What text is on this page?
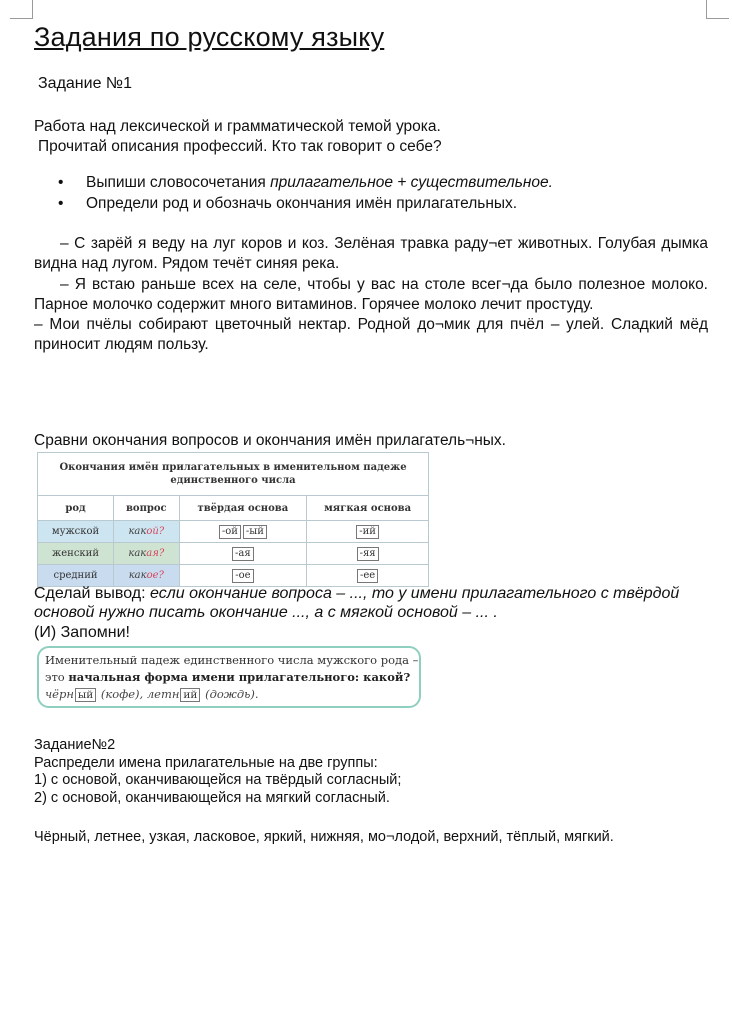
Задания по русскому языку
Задание №1
Работа над лексической и грамматической темой урока.
Прочитай описания профессий. Кто так говорит о себе?
• Выпиши словосочетания прилагательное + существительное.
• Определи род и обозначь окончания имён прилагательных.

– С зарёй я веду на луг коров и коз. Зелёная травка раду¬ет животных. Голубая дымка видна над лугом. Рядом течёт синяя река.

– Я встаю раньше всех на селе, чтобы у вас на столе всег¬да было полезное молоко. Парное молочко содержит много витаминов. Горячее молоко лечит простуду.

– Мои пчёлы собирают цветочный нектар. Родной до¬мик для пчёл – улей. Сладкий мёд приносит людям пользу.

Сравни окончания вопросов и окончания имён прилагатель¬ных.
Окончания имён прилагательных в именительном падеже единственного числа			
род	вопрос	твёрдая основа	мягкая основа
мужской	какой?	-ой -ый	-ий
женский	какая?	-ая	-яя
средний	какое?	-ое	-ее
Сделай вывод: если окончание вопроса – ..., то у имени прилагательного с твёрдой основой нужно писать окончание ..., а с мягкой основой – ... .
(И) Запомни!
Именительный падеж единственного числа мужского рода – это начальная форма имени прилагательного: какой? чёрн ый (кофе), летн ий (дождь).
Задание№2
Распредели имена прилагательные на две группы:
1) с основой, оканчивающейся на твёрдый согласный;
2) с основой, оканчивающейся на мягкий согласный.
Чёрный, летнее, узкая, ласковое, яркий, нижняя, мо¬лодой, верхний, тёплый, мягкий.
